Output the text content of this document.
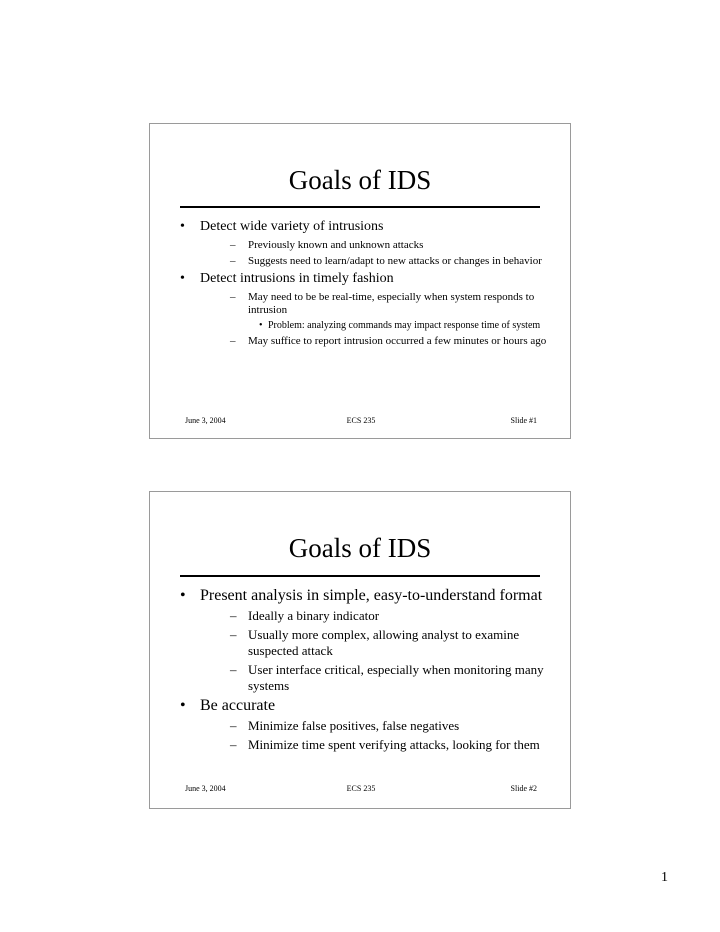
Goals of IDS
• Detect wide variety of intrusions
– Previously known and unknown attacks
– Suggests need to learn/adapt to new attacks or changes in behavior
• Detect intrusions in timely fashion
– May need to be be real-time, especially when system responds to intrusion
• Problem: analyzing commands may impact response time of system
– May suffice to report intrusion occurred a few minutes or hours ago
June 3, 2004	ECS 235	Slide #1
Goals of IDS
• Present analysis in simple, easy-to-understand format
– Ideally a binary indicator
– Usually more complex, allowing analyst to examine suspected attack
– User interface critical, especially when monitoring many systems
• Be accurate
– Minimize false positives, false negatives
– Minimize time spent verifying attacks, looking for them
June 3, 2004	ECS 235	Slide #2
1
